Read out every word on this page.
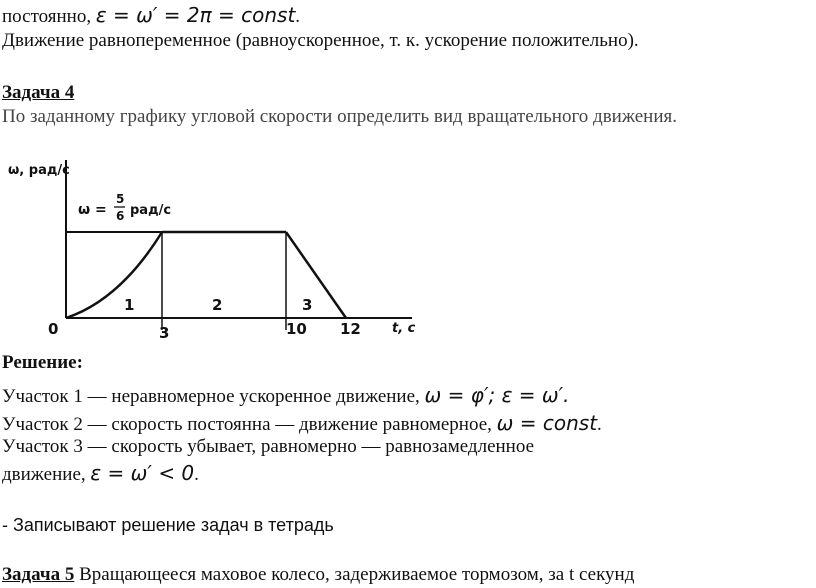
постоянно, ε = ω′ = 2π = const.
Движение равнопеременное (равноускоренное, т. к. ускорение положительно).
Задача 4
По заданному графику угловой скорости определить вид вращательного движения.
ω, рад/с
ω =
5
6 рад/с
1	2	3
0	3	10 12 t, c
Решение:
Участок 1 — неравномерное ускоренное движение, ω = φ′; ε = ω′.
Участок 2 — скорость постоянна — движение равномерное, ω = const.
Участок 3 — скорость убывает, равномерно — равнозамедленное
движение, ε = ω′ < 0.
- Записывают решение задач в тетрадь
Задача 5 Вращающееся маховое колесо, задерживаемое тормозом, за t секунд
